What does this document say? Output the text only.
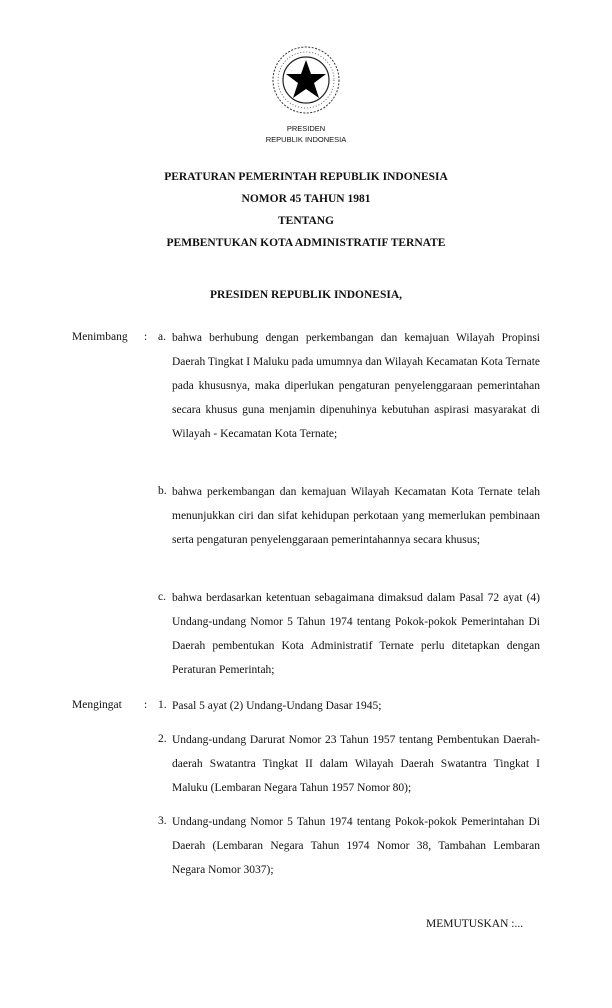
PRESIDEN
REPUBLIK INDONESIA
PERATURAN PEMERINTAH REPUBLIK INDONESIA
NOMOR 45 TAHUN 1981
TENTANG
PEMBENTUKAN KOTA ADMINISTRATIF TERNATE
PRESIDEN REPUBLIK INDONESIA,
Menimbang : a. bahwa berhubung dengan perkembangan dan kemajuan Wilayah Propinsi Daerah Tingkat I Maluku pada umumnya dan Wilayah Kecamatan Kota Ternate pada khususnya, maka diperlukan pengaturan penyelenggaraan pemerintahan secara khusus guna menjamin dipenuhinya kebutuhan aspirasi masyarakat di Wilayah - Kecamatan Kota Ternate;
b. bahwa perkembangan dan kemajuan Wilayah Kecamatan Kota Ternate telah menunjukkan ciri dan sifat kehidupan perkotaan yang memerlukan pembinaan serta pengaturan penyelenggaraan pemerintahannya secara khusus;
c. bahwa berdasarkan ketentuan sebagaimana dimaksud dalam Pasal 72 ayat (4) Undang-undang Nomor 5 Tahun 1974 tentang Pokok-pokok Pemerintahan Di Daerah pembentukan Kota Administratif Ternate perlu ditetapkan dengan Peraturan Pemerintah;
Mengingat : 1. Pasal 5 ayat (2) Undang-Undang Dasar 1945;
2. Undang-undang Darurat Nomor 23 Tahun 1957 tentang Pembentukan Daerah-daerah Swatantra Tingkat II dalam Wilayah Daerah Swatantra Tingkat I Maluku (Lembaran Negara Tahun 1957 Nomor 80);
3. Undang-undang Nomor 5 Tahun 1974 tentang Pokok-pokok Pemerintahan Di Daerah (Lembaran Negara Tahun 1974 Nomor 38, Tambahan Lembaran Negara Nomor 3037);
MEMUTUSKAN :...
